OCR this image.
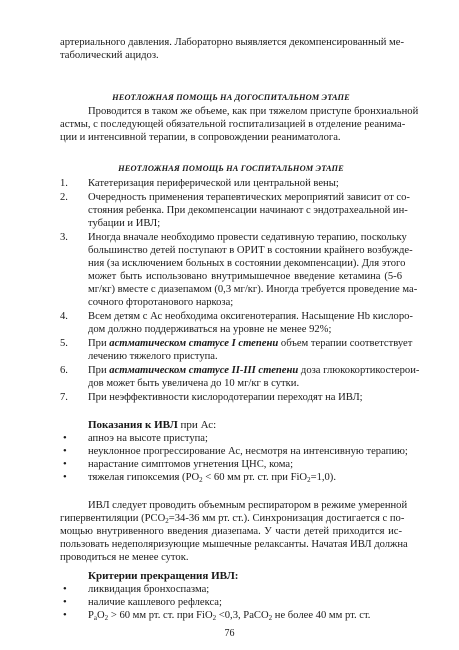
артериального давления. Лабораторно выявляется декомпенсированный ме-
таболический ацидоз.
НЕОТЛОЖНАЯ ПОМОЩЬ НА ДОГОСПИТАЛЬНОМ ЭТАПЕ
Проводится в таком же объеме, как при тяжелом приступе бронхиальной
астмы, с последующей обязательной госпитализацией в отделение реанима-
ции и интенсивной терапии, в сопровождении реаниматолога.
НЕОТЛОЖНАЯ ПОМОЩЬ НА ГОСПИТАЛЬНОМ ЭТАПЕ
1. Катетеризация периферической или центральной вены;
2. Очередность применения терапевтических мероприятий зависит от со-
стояния ребенка. При декомпенсации начинают с эндотрахеальной ин-
тубации и ИВЛ;
3. Иногда вначале необходимо провести седативную терапию, поскольку
большинство детей поступают в ОРИТ в состоянии крайнего возбужде-
ния (за исключением больных в состоянии декомпенсации). Для этого
может быть использовано внутримышечное введение кетамина (5-6
мг/кг) вместе с диазепамом (0,3 мг/кг). Иногда требуется проведение ма-
сочного фторотанового наркоза;
4. Всем детям с Ас необходима оксигенотерапия. Насыщение Hb кислоро-
дом должно поддерживаться на уровне не менее 92%;
5. При астматическом статусе I степени объем терапии соответствует
лечению тяжелого приступа.
6. При астматическом статусе II-III степени доза глюкокортикостерои-
дов может быть увеличена до 10 мг/кг в сутки.
7. При неэффективности кислородотерапии переходят на ИВЛ;
Показания к ИВЛ при Ас:
• апноэ на высоте приступа;
• неуклонное прогрессирование Ас, несмотря на интенсивную терапию;
• нарастание симптомов угнетения ЦНС, кома;
• тяжелая гипоксемия ($PO_2 < 60$ мм рт. ст. при FiO$_2$=1,0).
ИВЛ следует проводить объемным респиратором в режиме умеренной
гипервентиляции ($PCO_2=34-36$ мм рт. ст.). Синхронизация достигается с по-
мощью внутривенного введения диазепама. У части детей приходится ис-
пользовать недеполяризующие мышечные релаксанты. Начатая ИВЛ должна
проводиться не менее суток.
Критерии прекращения ИВЛ:
• ликвидация бронхоспазма;
• наличие кашлевого рефлекса;
• $P_aO_2 > 60$ мм рт. ст. при FiO$_2$ <0,3, PaCO$_2$ не более 40 мм рт. ст.
76
